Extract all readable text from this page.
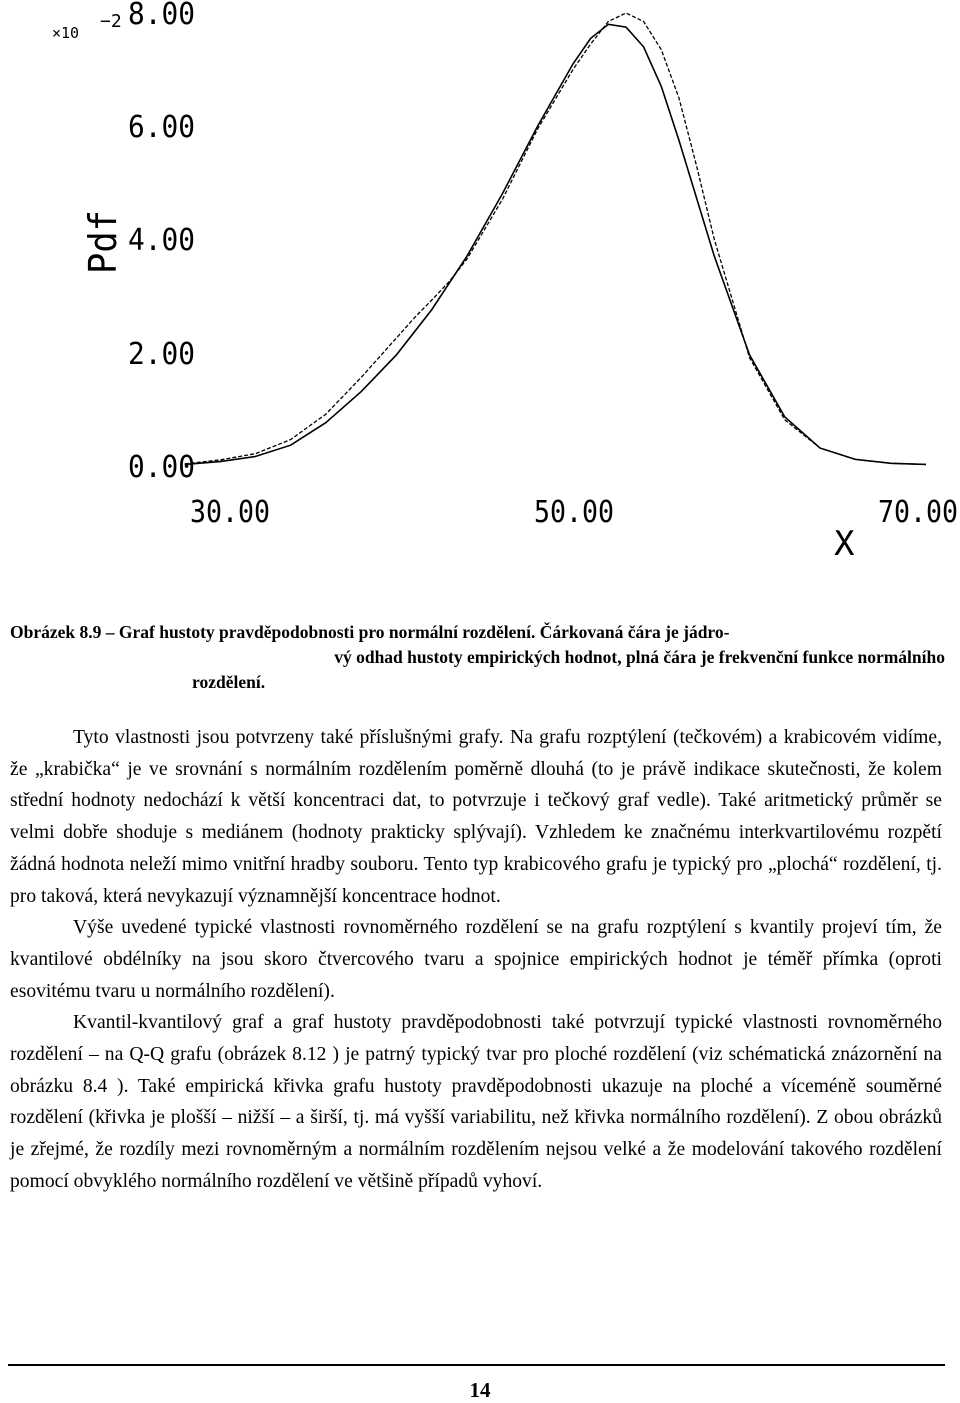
×10
−2 8.00
6.00
4.00
2.00
0.00
Pdf
30.00	50.00	70.00
X
Obrázek 8.9 – Graf hustoty pravděpodobnosti pro normální rozdělení. Čárkovaná čára je jádro-
vý odhad hustoty empirických hodnot, plná čára je frekvenční funkce normálního
rozdělení.

Tyto vlastnosti jsou potvrzeny také příslušnými grafy. Na grafu rozptýlení (tečkovém) a krabicovém vidíme, že „krabička“ je ve srovnání s normálním rozdělením poměrně dlouhá (to je právě indikace skutečnosti, že kolem střední hodnoty nedochází k větší koncentraci dat, to potvrzuje i tečkový graf vedle). Také aritmetický průměr se velmi dobře shoduje s mediánem (hodnoty prakticky splývají). Vzhledem ke značnému interkvartilovému rozpětí žádná hodnota neleží mimo vnitřní hradby souboru. Tento typ krabicového grafu je typický pro „plochá“ rozdělení, tj. pro taková, která nevykazují významnější koncentrace hodnot.

Výše uvedené typické vlastnosti rovnoměrného rozdělení se na grafu rozptýlení s kvantily projeví tím, že kvantilové obdélníky na jsou skoro čtvercového tvaru a spojnice empirických hodnot je téměř přímka (oproti esovitému tvaru u normálního rozdělení).

Kvantil-kvantilový graf a graf hustoty pravděpodobnosti také potvrzují typické vlastnosti rovnoměrného rozdělení – na Q-Q grafu (obrázek 8.12 ) je patrný typický tvar pro ploché rozdělení (viz schématická znázornění na obrázku 8.4 ). Také empirická křivka grafu hustoty pravděpodobnosti ukazuje na ploché a víceméně souměrné rozdělení (křivka je plošší – nižší – a širší, tj. má vyšší variabilitu, než křivka normálního rozdělení). Z obou obrázků je zřejmé, že rozdíly mezi rovnoměrným a normálním rozdělením nejsou velké a že modelování takového rozdělení pomocí obvyklého normálního rozdělení ve většině případů vyhoví.

14
